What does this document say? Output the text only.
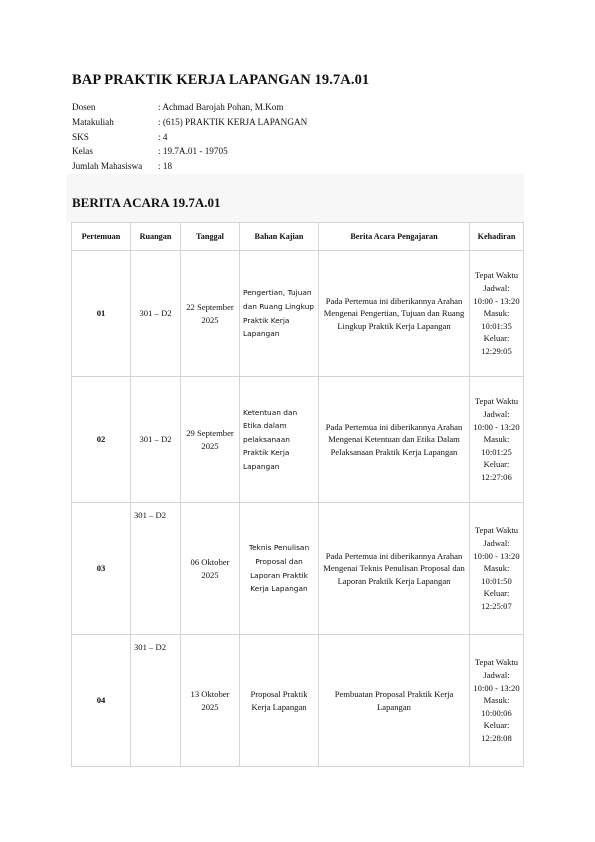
BAP PRAKTIK KERJA LAPANGAN 19.7A.01
Dosen	: Achmad Barojah Pohan, M.Kom
Matakuliah	: (615) PRAKTIK KERJA LAPANGAN
SKS	: 4
Kelas	: 19.7A.01 - 19705
Jumlah Mahasiswa	: 18
BERITA ACARA 19.7A.01
Pertemuan	Ruangan	Tanggal	Bahan Kajian	Berita Acara Pengajaran	Kehadiran
01	301 – D2	22 September 2025	Pengertian, Tujuan dan Ruang Lingkup Praktik Kerja Lapangan	Pada Pertemua ini diberikannya Arahan Mengenai Pengertian, Tujuan dan Ruang Lingkup Praktik Kerja Lapangan	Tepat Waktu Jadwal: 10:00 - 13:20 Masuk: 10:01:35 Keluar: 12:29:05
02	301 – D2	29 September 2025	Ketentuan dan Etika dalam pelaksanaan Praktik Kerja Lapangan	Pada Pertemua ini diberikannya Arahan Mengenai Ketentuan dan Etika Dalam Pelaksanaan Praktik Kerja Lapangan	Tepat Waktu Jadwal: 10:00 - 13:20 Masuk: 10:01:25 Keluar: 12:27:06
03	301 – D2	06 Oktober 2025	Teknis Penulisan Proposal dan Laporan Praktik Kerja Lapangan	Pada Pertemua ini diberikannya Arahan Mengenai Teknis Penulisan Proposal dan Laporan Praktik Kerja Lapangan	Tepat Waktu Jadwal: 10:00 - 13:20 Masuk: 10:01:50 Keluar: 12:25:07
04	301 – D2	13 Oktober 2025	Proposal Praktik Kerja Lapangan	Pembuatan Proposal Praktik Kerja Lapangan	Tepat Waktu Jadwal: 10:00 - 13:20 Masuk: 10:00:06 Keluar: 12:28:08
